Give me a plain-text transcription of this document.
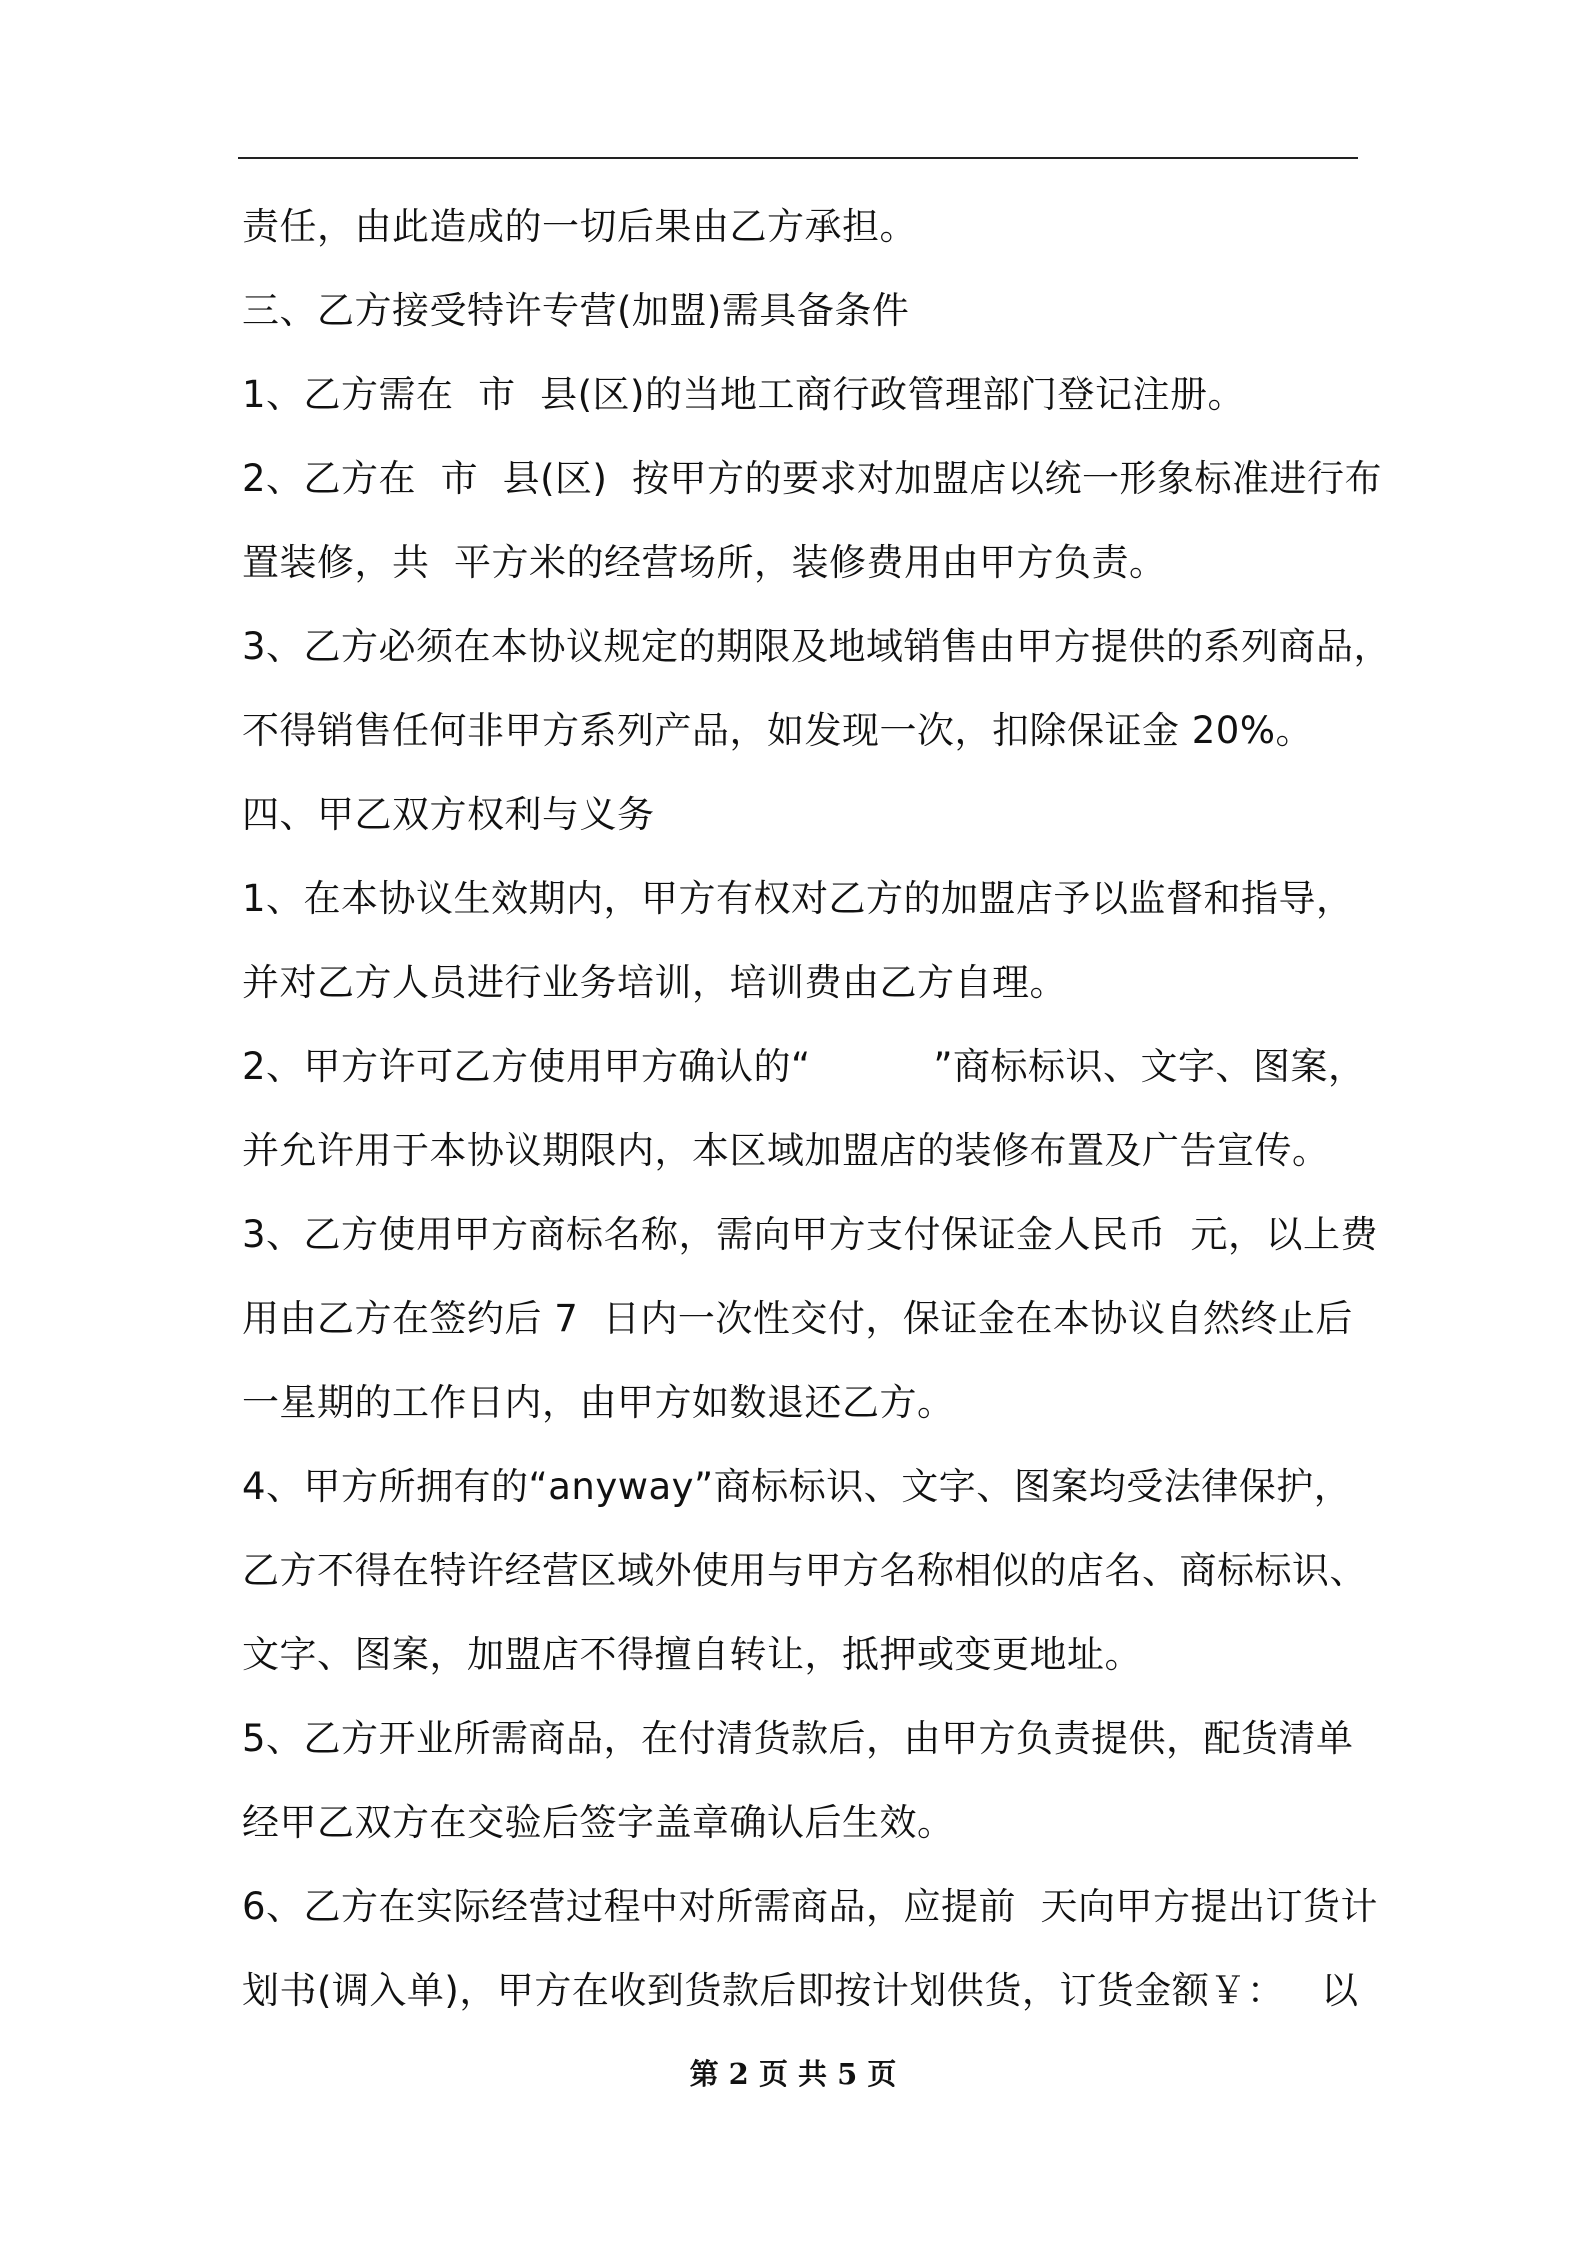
责任，由此造成的一切后果由乙方承担。
三、乙方接受特许专营(加盟)需具备条件
1、乙方需在  市  县(区)的当地工商行政管理部门登记注册。
2、乙方在  市  县(区)  按甲方的要求对加盟店以统一形象标准进行布
置装修，共  平方米的经营场所，装修费用由甲方负责。
3、乙方必须在本协议规定的期限及地域销售由甲方提供的系列商品，
不得销售任何非甲方系列产品，如发现一次，扣除保证金 20%。
四、甲乙双方权利与义务
1、在本协议生效期内，甲方有权对乙方的加盟店予以监督和指导，
并对乙方人员进行业务培训，培训费由乙方自理。
2、甲方许可乙方使用甲方确认的“          ”商标标识、文字、图案，
并允许用于本协议期限内，本区域加盟店的装修布置及广告宣传。
3、乙方使用甲方商标名称，需向甲方支付保证金人民币  元，以上费
用由乙方在签约后 7  日内一次性交付，保证金在本协议自然终止后
一星期的工作日内，由甲方如数退还乙方。
4、甲方所拥有的“anyway”商标标识、文字、图案均受法律保护，
乙方不得在特许经营区域外使用与甲方名称相似的店名、商标标识、
文字、图案，加盟店不得擅自转让，抵押或变更地址。
5、乙方开业所需商品，在付清货款后，由甲方负责提供，配货清单
经甲乙双方在交验后签字盖章确认后生效。
6、乙方在实际经营过程中对所需商品，应提前  天向甲方提出订货计
划书(调入单)，甲方在收到货款后即按计划供货，订货金额￥：   以
第 2 页 共 5 页
